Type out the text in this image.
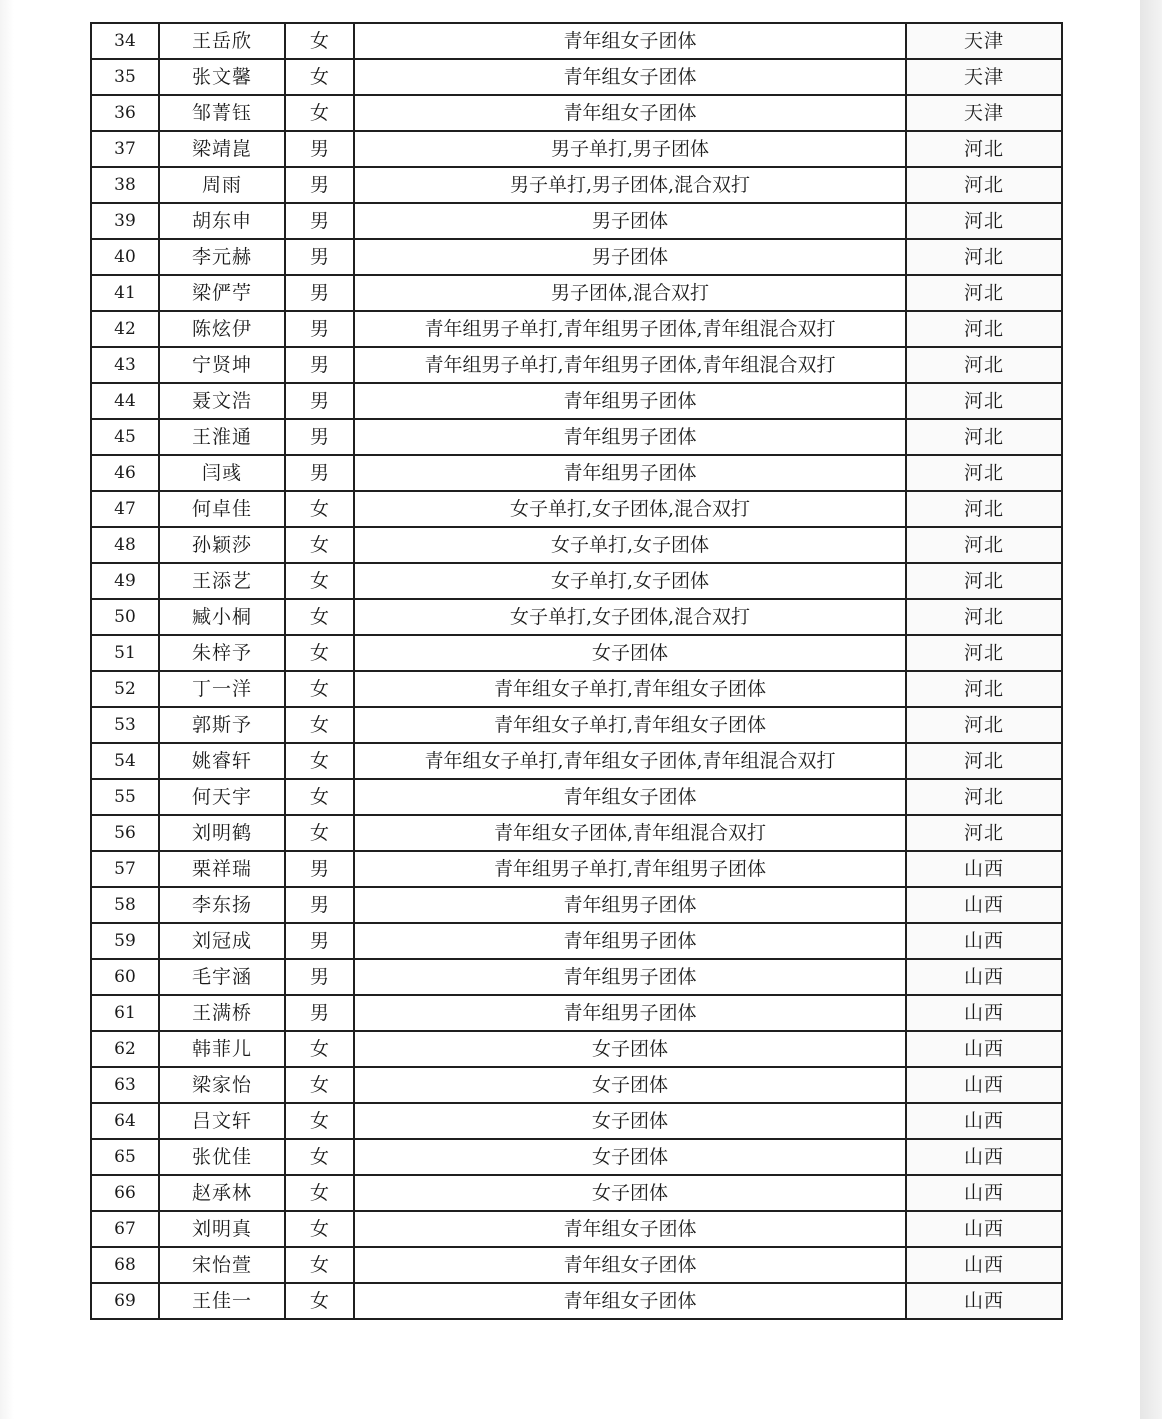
34	王岳欣	女	青年组女子团体	天津
35	张文馨	女	青年组女子团体	天津
36	邹菁钰	女	青年组女子团体	天津
37	梁靖崑	男	男子单打,男子团体	河北
38	周雨	男	男子单打,男子团体,混合双打	河北
39	胡东申	男	男子团体	河北
40	李元赫	男	男子团体	河北
41	梁俨苧	男	男子团体,混合双打	河北
42	陈炫伊	男	青年组男子单打,青年组男子团体,青年组混合双打	河北
43	宁贤坤	男	青年组男子单打,青年组男子团体,青年组混合双打	河北
44	聂文浩	男	青年组男子团体	河北
45	王淮通	男	青年组男子团体	河北
46	闫彧	男	青年组男子团体	河北
47	何卓佳	女	女子单打,女子团体,混合双打	河北
48	孙颖莎	女	女子单打,女子团体	河北
49	王添艺	女	女子单打,女子团体	河北
50	臧小桐	女	女子单打,女子团体,混合双打	河北
51	朱梓予	女	女子团体	河北
52	丁一洋	女	青年组女子单打,青年组女子团体	河北
53	郭斯予	女	青年组女子单打,青年组女子团体	河北
54	姚睿轩	女	青年组女子单打,青年组女子团体,青年组混合双打	河北
55	何天宇	女	青年组女子团体	河北
56	刘明鹤	女	青年组女子团体,青年组混合双打	河北
57	栗祥瑞	男	青年组男子单打,青年组男子团体	山西
58	李东扬	男	青年组男子团体	山西
59	刘冠成	男	青年组男子团体	山西
60	毛宇涵	男	青年组男子团体	山西
61	王满桥	男	青年组男子团体	山西
62	韩菲儿	女	女子团体	山西
63	梁家怡	女	女子团体	山西
64	吕文轩	女	女子团体	山西
65	张优佳	女	女子团体	山西
66	赵承林	女	女子团体	山西
67	刘明真	女	青年组女子团体	山西
68	宋怡萱	女	青年组女子团体	山西
69	王佳一	女	青年组女子团体	山西
